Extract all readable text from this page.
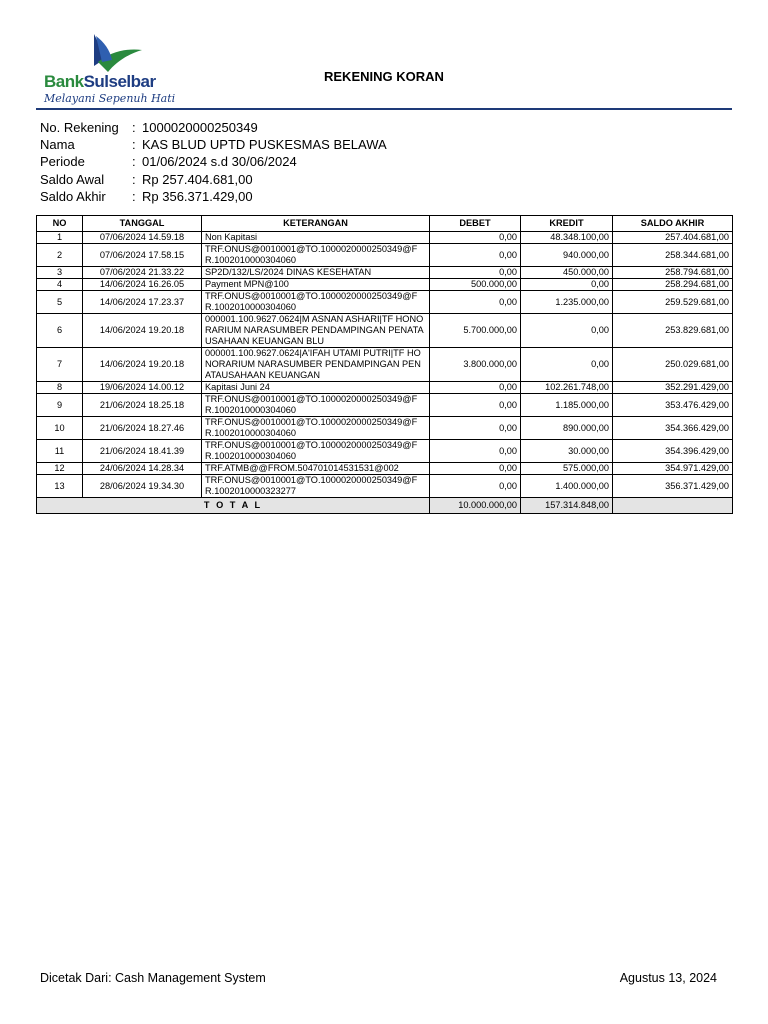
BankSulselbar
Melayani Sepenuh Hati
REKENING KORAN
No. Rekening : 1000020000250349
Nama	: KAS BLUD UPTD PUSKESMAS BELAWA
Periode	: 01/06/2024 s.d 30/06/2024
Saldo Awal : Rp 257.404.681,00
Saldo Akhir : Rp 356.371.429,00
NO	TANGGAL	KETERANGAN	DEBET	KREDIT	SALDO AKHIR
1	07/06/2024 14.59.18	Non Kapitasi	0,00	48.348.100,00	257.404.681,00
2	07/06/2024 17.58.15	TRF.ONUS@0010001@TO.1000020000250349@FR.1002010000304060	0,00	940.000,00	258.344.681,00
3	07/06/2024 21.33.22	SP2D/132/LS/2024 DINAS KESEHATAN	0,00	450.000,00	258.794.681,00
4	14/06/2024 16.26.05	Payment MPN@100	500.000,00	0,00	258.294.681,00
5	14/06/2024 17.23.37	TRF.ONUS@0010001@TO.1000020000250349@FR.1002010000304060	0,00	1.235.000,00	259.529.681,00
6	14/06/2024 19.20.18	000001.100.9627.0624|M ASNAN ASHARI|TF HONORARIUM NARASUMBER PENDAMPINGAN PENATAUSAHAAN KEUANGAN BLU	5.700.000,00	0,00	253.829.681,00
7	14/06/2024 19.20.18	000001.100.9627.0624|A'IFAH UTAMI PUTRI|TF HONORARIUM NARASUMBER PENDAMPINGAN PENATAUSAHAAN KEUANGAN	3.800.000,00	0,00	250.029.681,00
8	19/06/2024 14.00.12	Kapitasi Juni 24	0,00	102.261.748,00	352.291.429,00
9	21/06/2024 18.25.18	TRF.ONUS@0010001@TO.1000020000250349@FR.1002010000304060	0,00	1.185.000,00	353.476.429,00
10	21/06/2024 18.27.46	TRF.ONUS@0010001@TO.1000020000250349@FR.1002010000304060	0,00	890.000,00	354.366.429,00
11	21/06/2024 18.41.39	TRF.ONUS@0010001@TO.1000020000250349@FR.1002010000304060	0,00	30.000,00	354.396.429,00
12	24/06/2024 14.28.34	TRF.ATMB@@FROM.504701014531531@002	0,00	575.000,00	354.971.429,00
13	28/06/2024 19.34.30	TRF.ONUS@0010001@TO.1000020000250349@FR.1002010000323277	0,00	1.400.000,00	356.371.429,00
T O T A L			10.000.000,00	157.314.848,00	
Dicetak Dari: Cash Management System	Agustus 13, 2024
